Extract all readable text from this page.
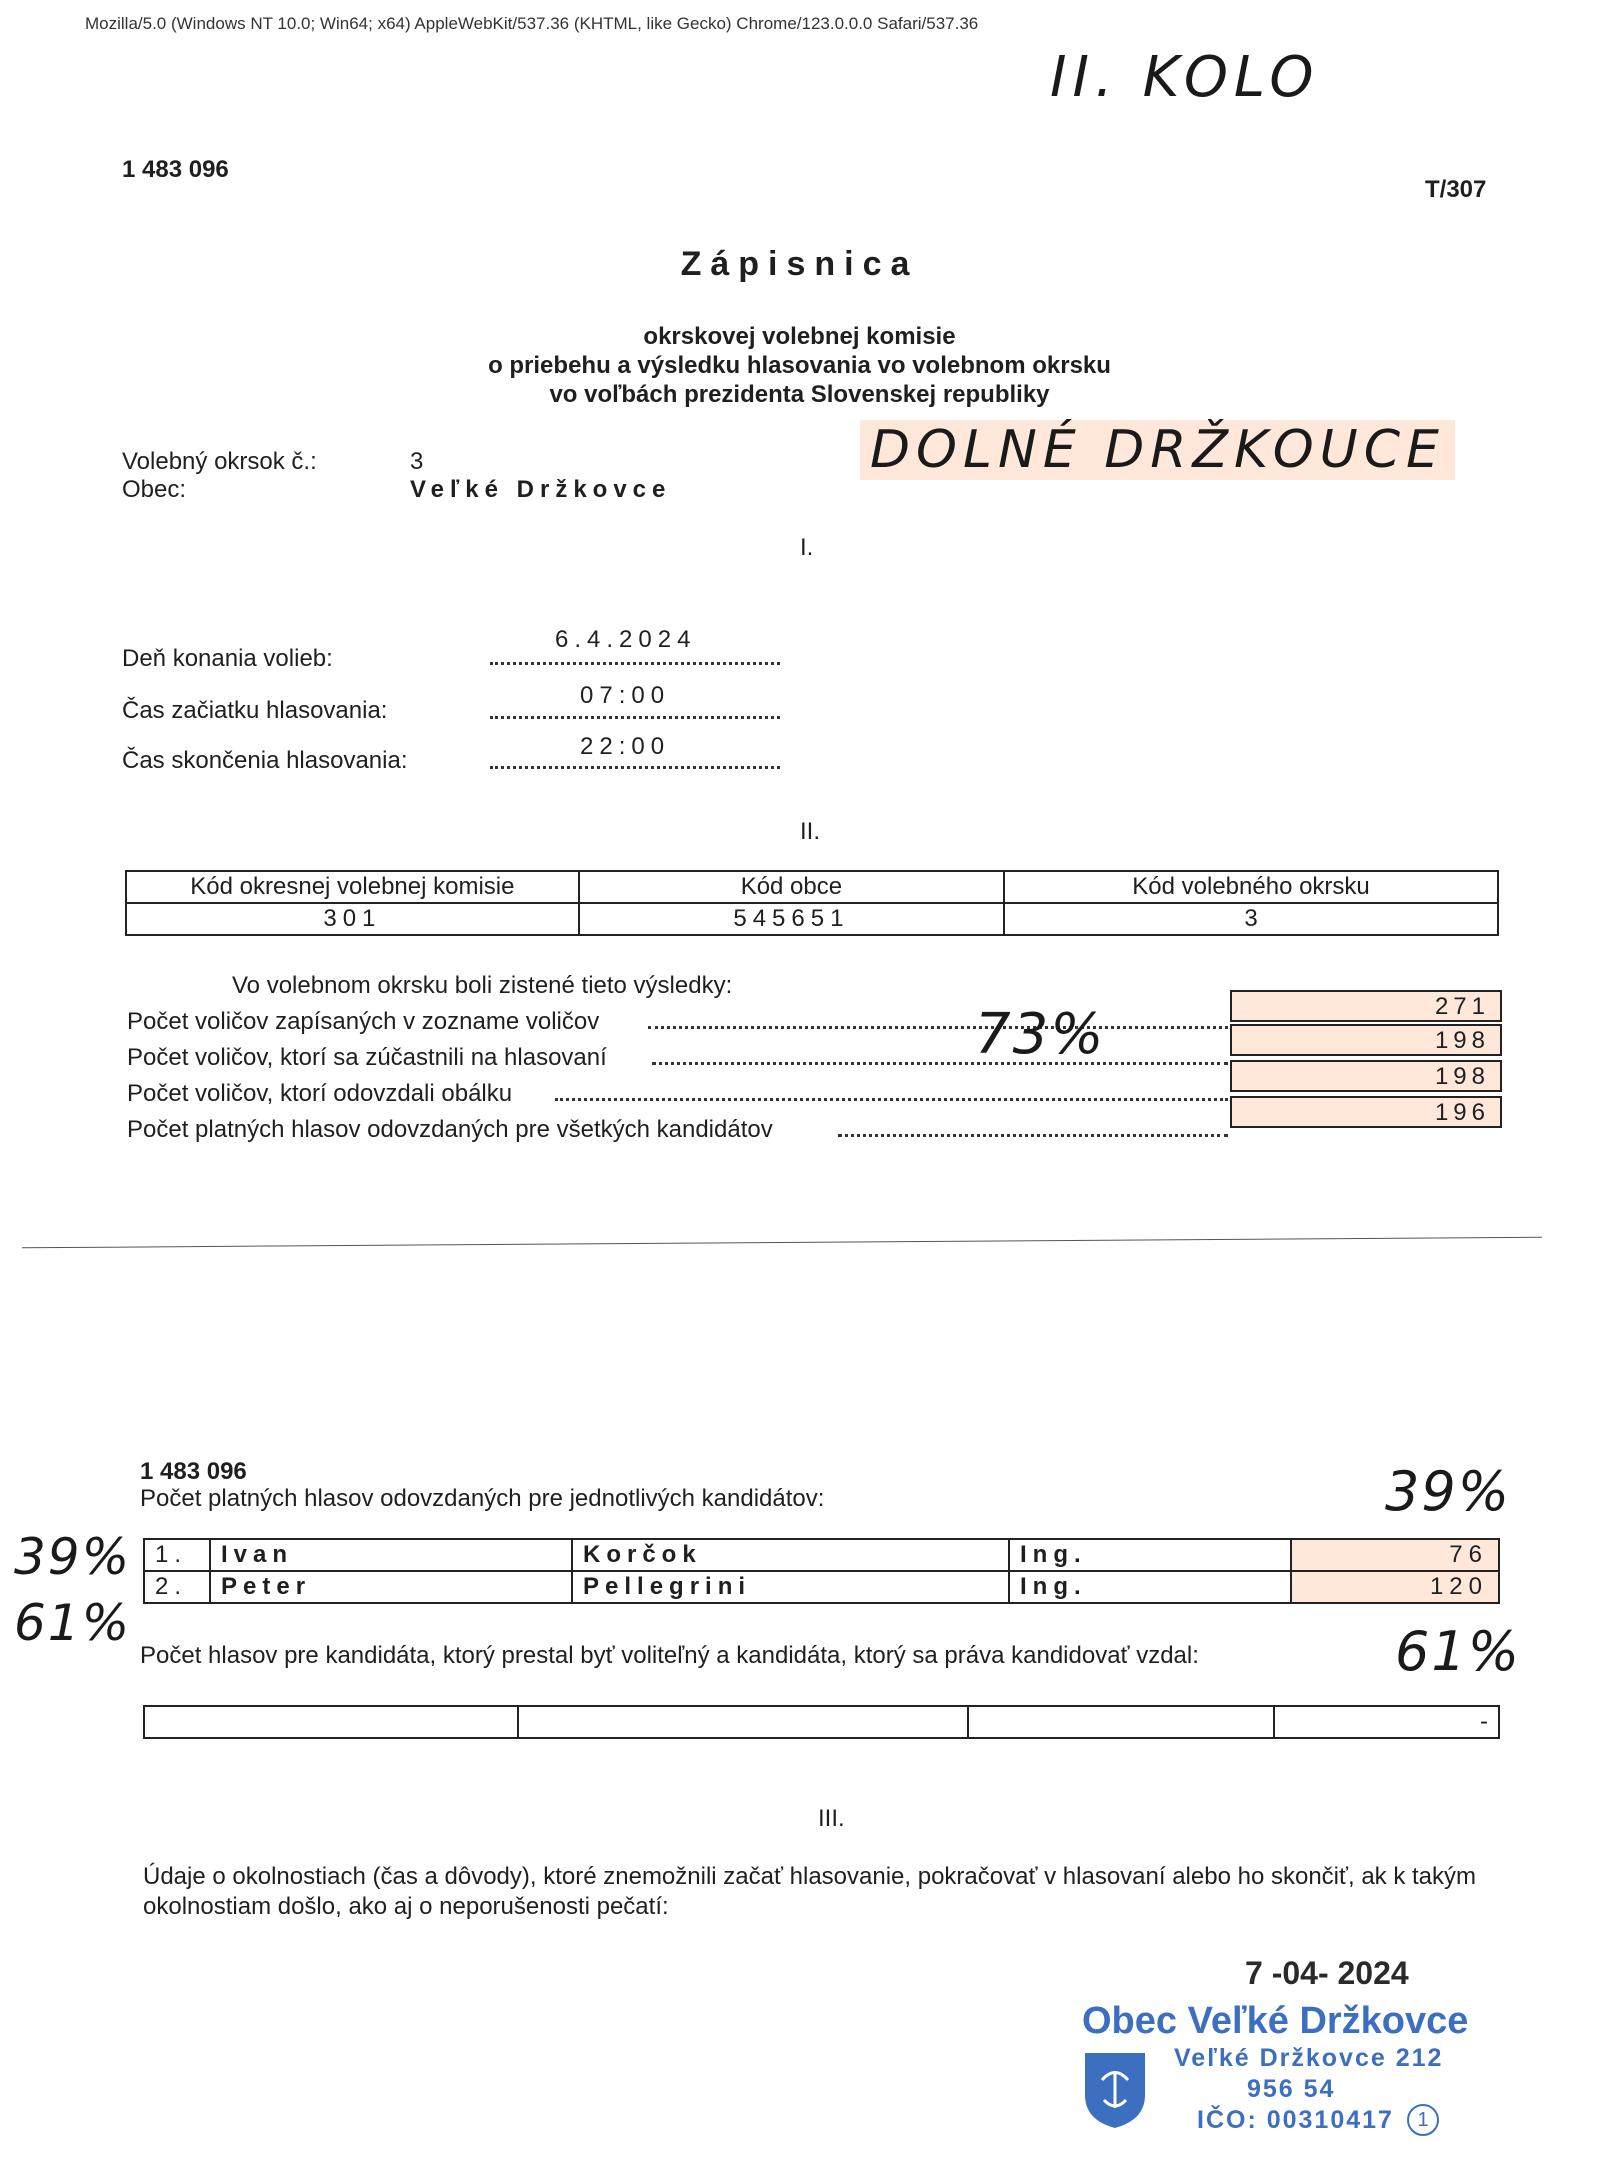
Mozilla/5.0 (Windows NT 10.0; Win64; x64) AppleWebKit/537.36 (KHTML, like Gecko) Chrome/123.0.0.0 Safari/537.36
II. KOLO
1 483 096
T/307
Zápisnica
okrskovej volebnej komisie
o priebehu a výsledku hlasovania vo volebnom okrsku
vo voľbách prezidenta Slovenskej republiky
Volebný okrsok č.:	3
Obec:	Veľké Držkovce
DOLNÉ DRŽKOUCE
I.
Deň konania volieb:
6.4.2024
Čas začiatku hlasovania:
07:00
Čas skončenia hlasovania:
22:00
II.
Kód okresnej volebnej komisie	Kód obce	Kód volebného okrsku
301	545651	3
Vo volebnom okrsku boli zistené tieto výsledky:
Počet voličov zapísaných v zozname voličov
271
Počet voličov, ktorí sa zúčastnili na hlasovaní
198
Počet voličov, ktorí odovzdali obálku
198
Počet platných hlasov odovzdaných pre všetkých kandidátov
196
73%
1 483 096
Počet platných hlasov odovzdaných pre jednotlivých kandidátov:	39%
39%
61%
1.	Ivan	Korčok	Ing.	76
2.	Peter	Pellegrini	Ing.	120
Počet hlasov pre kandidáta, ktorý prestal byť voliteľný a kandidáta, ktorý sa práva kandidovať vzdal:	61%
			-
III.
Údaje o okolnostiach (čas a dôvody), ktoré znemožnili začať hlasovanie, pokračovať v hlasovaní alebo ho skončiť, ak k takým okolnostiam došlo, ako aj o neporušenosti pečatí:
7 -04- 2024
Obec Veľké Držkovce
Veľké Držkovce 212
956 54
IČO: 00310417	1
